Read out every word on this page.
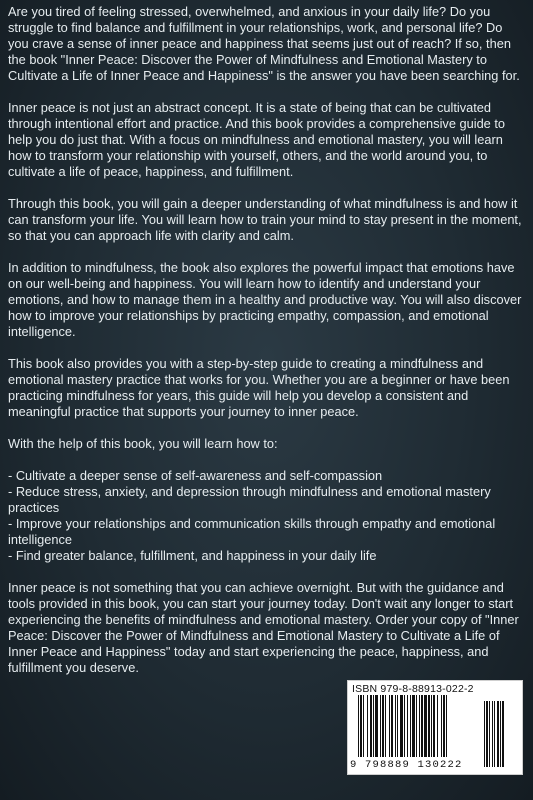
Are you tired of feeling stressed, overwhelmed, and anxious in your daily life? Do you struggle to find balance and fulfillment in your relationships, work, and personal life? Do you crave a sense of inner peace and happiness that seems just out of reach? If so, then the book "Inner Peace: Discover the Power of Mindfulness and Emotional Mastery to Cultivate a Life of Inner Peace and Happiness" is the answer you have been searching for.

Inner peace is not just an abstract concept. It is a state of being that can be cultivated through intentional effort and practice. And this book provides a comprehensive guide to help you do just that. With a focus on mindfulness and emotional mastery, you will learn how to transform your relationship with yourself, others, and the world around you, to cultivate a life of peace, happiness, and fulfillment.

Through this book, you will gain a deeper understanding of what mindfulness is and how it can transform your life. You will learn how to train your mind to stay present in the moment, so that you can approach life with clarity and calm.

In addition to mindfulness, the book also explores the powerful impact that emotions have on our well-being and happiness. You will learn how to identify and understand your emotions, and how to manage them in a healthy and productive way. You will also discover how to improve your relationships by practicing empathy, compassion, and emotional intelligence.

This book also provides you with a step-by-step guide to creating a mindfulness and emotional mastery practice that works for you. Whether you are a beginner or have been practicing mindfulness for years, this guide will help you develop a consistent and meaningful practice that supports your journey to inner peace.

With the help of this book, you will learn how to:

- Cultivate a deeper sense of self-awareness and self-compassion
- Reduce stress, anxiety, and depression through mindfulness and emotional mastery practices
- Improve your relationships and communication skills through empathy and emotional intelligence
- Find greater balance, fulfillment, and happiness in your daily life

Inner peace is not something that you can achieve overnight. But with the guidance and tools provided in this book, you can start your journey today. Don't wait any longer to start experiencing the benefits of mindfulness and emotional mastery. Order your copy of "Inner Peace: Discover the Power of Mindfulness and Emotional Mastery to Cultivate a Life of Inner Peace and Happiness" today and start experiencing the peace, happiness, and fulfillment you deserve.

ISBN 979-8-88913-022-2
9 798889 130222
